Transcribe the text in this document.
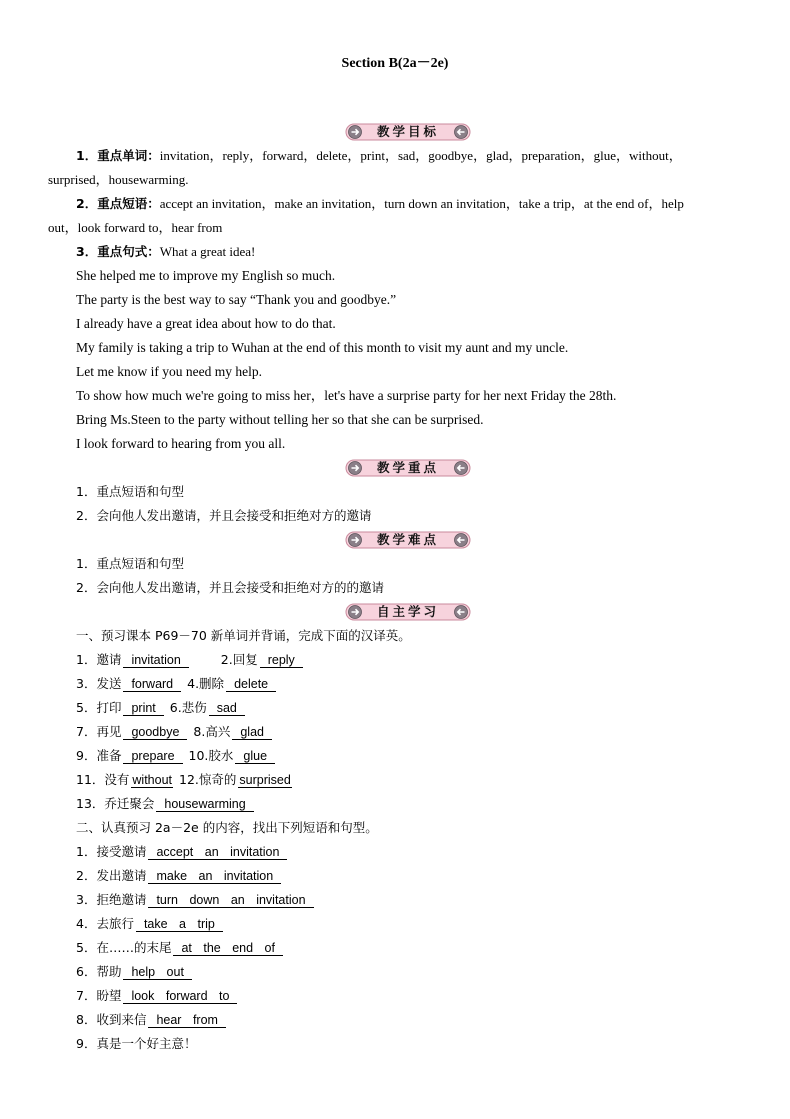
Section B(2a－2e)
教学目标
1．重点单词：invitation，reply，forward，delete，print，sad，goodbye，glad，preparation，glue，without，
surprised，housewarming.
2．重点短语：accept an invitation，make an invitation，turn down an invitation，take a trip，at the end of，help
out，look forward to，hear from
3．重点句式：What a great idea!
She helped me to improve my English so much.
The party is the best way to say “Thank you and goodbye.”
I already have a great idea about how to do that.
My family is taking a trip to Wuhan at the end of this month to visit my aunt and my uncle.
Let me know if you need my help.
To show how much we're going to miss her，let's have a surprise party for her next Friday the 28th.
Bring Ms.Steen to the party without telling her so that she can be surprised.
I look forward to hearing from you all.
教学重点
1．重点短语和句型
2．会向他人发出邀请，并且会接受和拒绝对方的邀请
教学难点
1．重点短语和句型
2．会向他人发出邀请，并且会接受和拒绝对方的的邀请
自主学习
一、预习课本 P69－70 新单词并背诵，完成下面的汉译英。
1．邀请 invitation	2.回复 reply
3．发送 forward 4.删除 delete
5．打印 print 6.悲伤 sad
7．再见 goodbye 8.高兴 glad
9．准备 prepare 10.胶水 glue
11．没有 without 12.惊奇的 surprised
13．乔迁聚会 housewarming
二、认真预习 2a－2e 的内容，找出下列短语和句型。
1．接受邀请 accept an invitation
2．发出邀请 make an invitation
3．拒绝邀请 turn down an invitation
4．去旅行 take a trip
5．在……的末尾 at the end of
6．帮助 help out
7．盼望 look forward to
8．收到来信 hear from
9．真是一个好主意！
